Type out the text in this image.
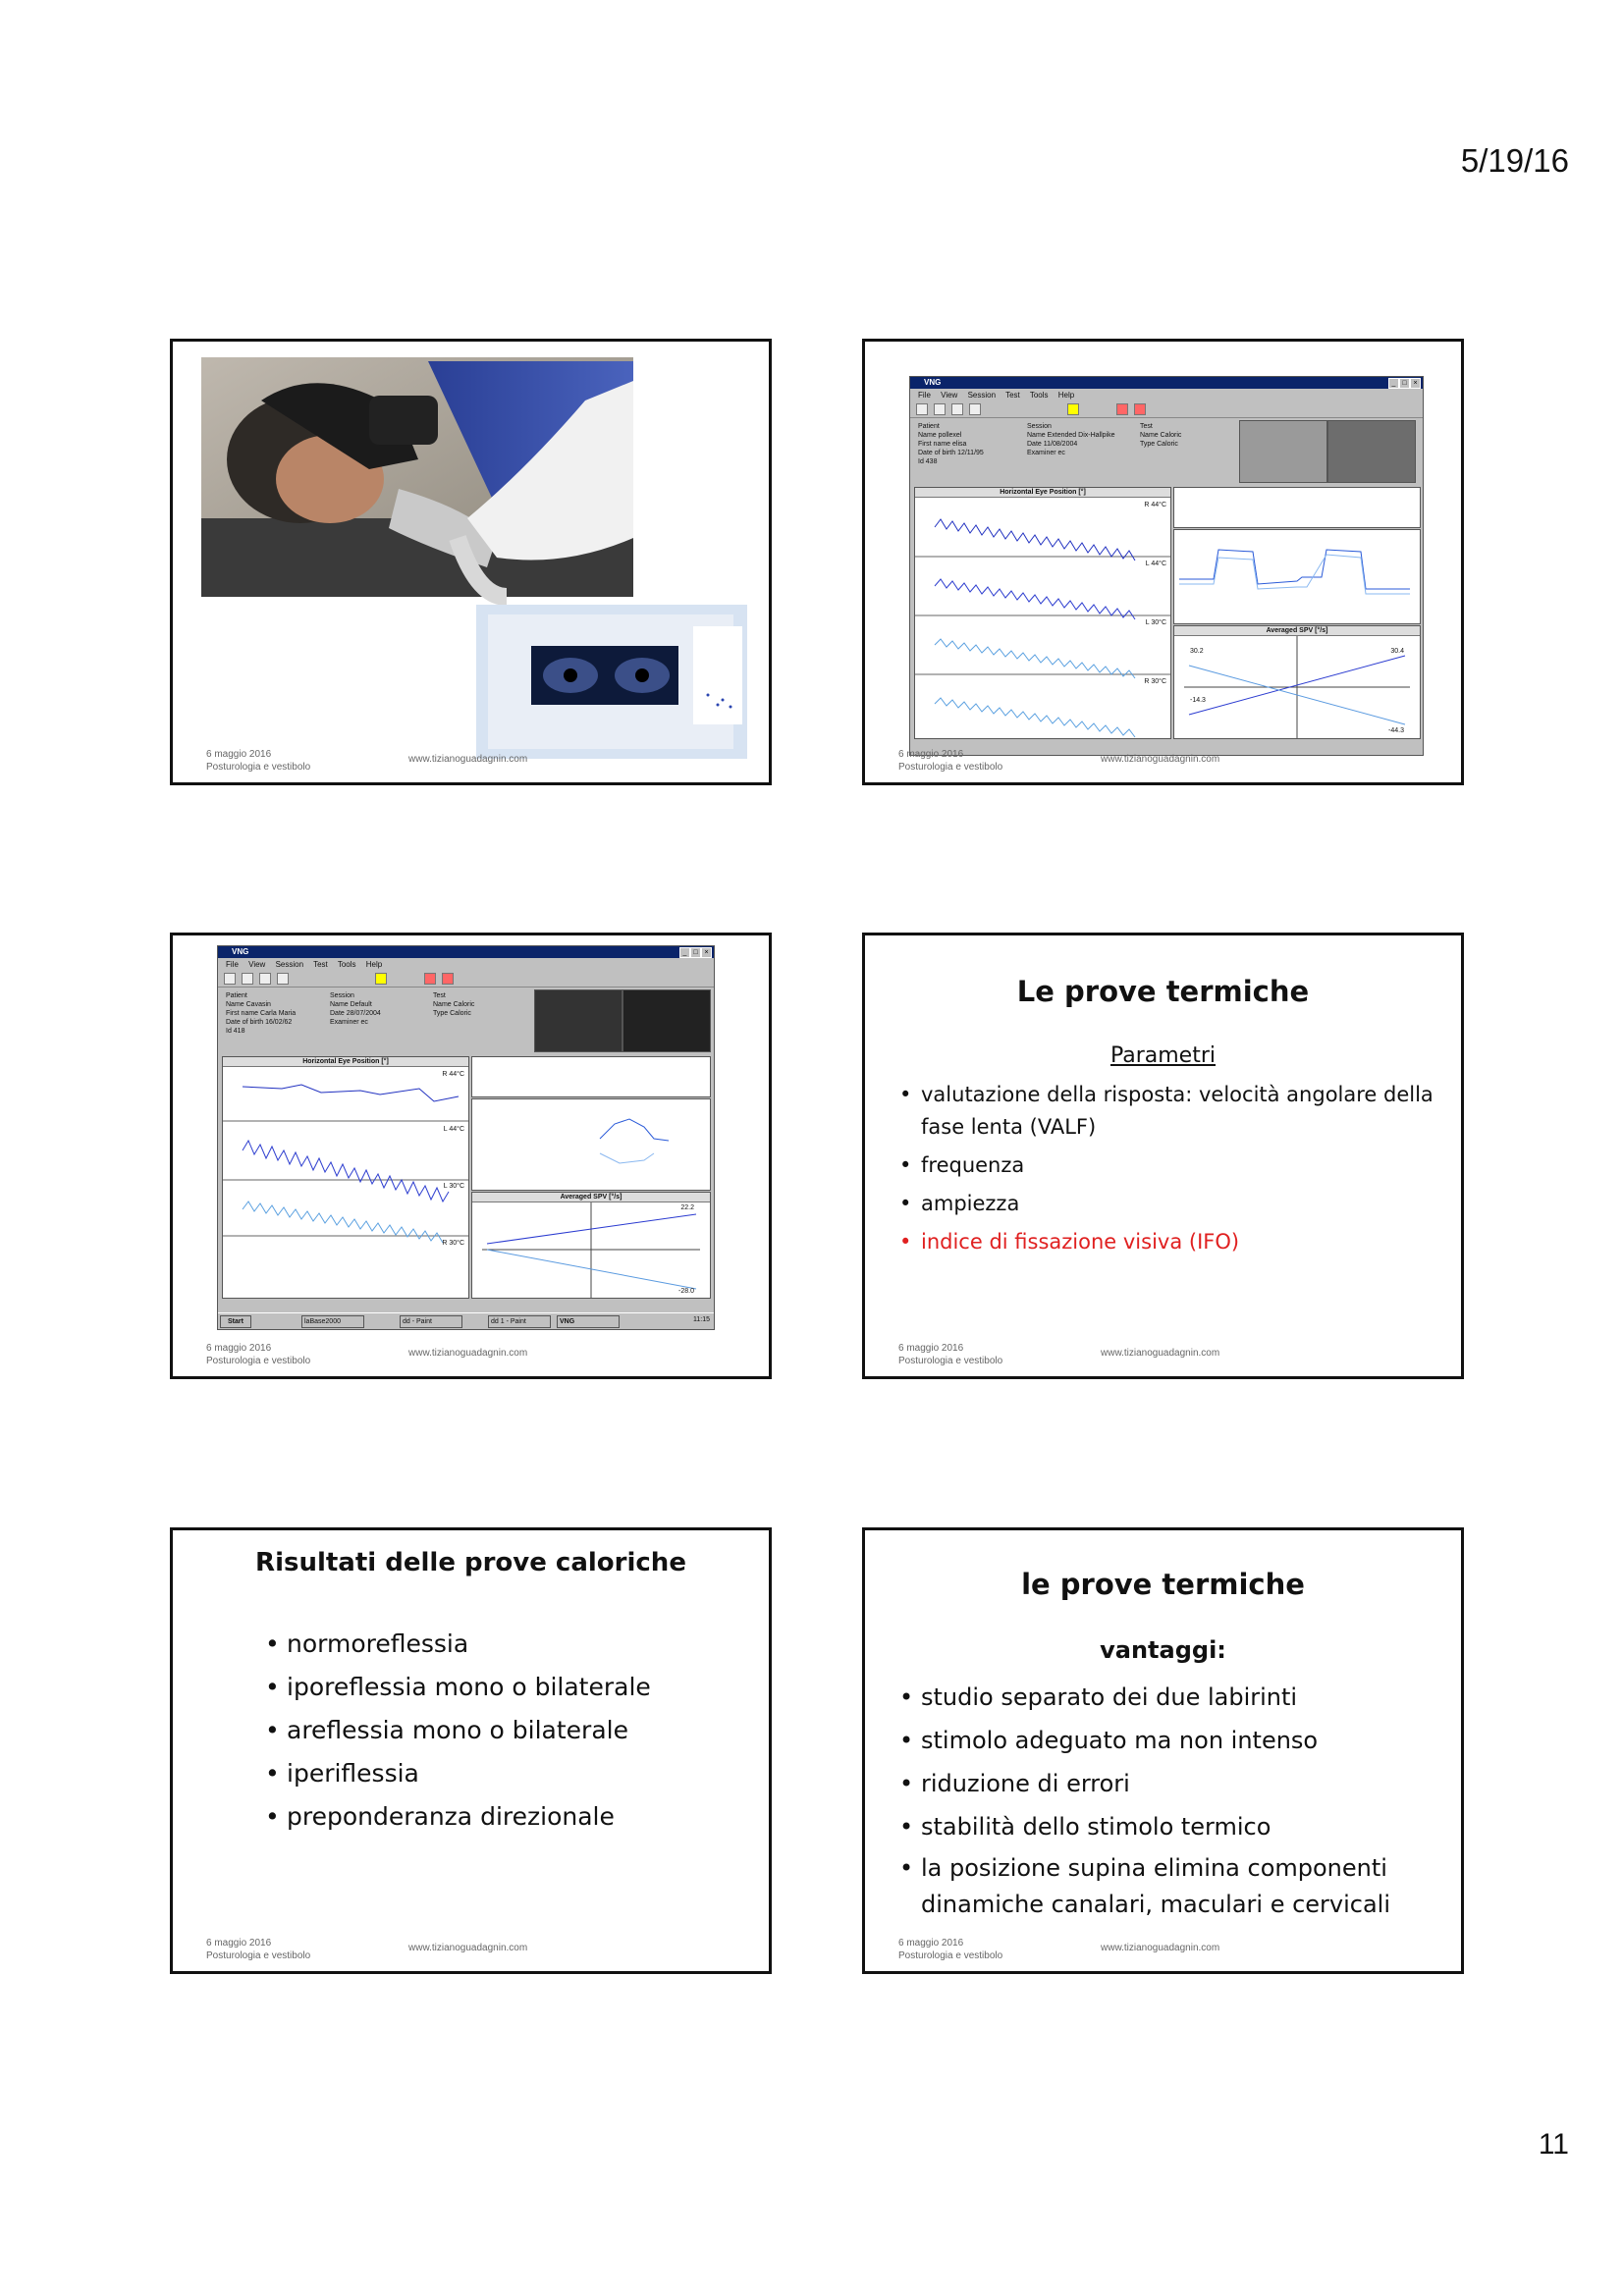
5/19/16
11
6 maggio 2016
Posturologia e vestibolo
www.tizianoguadagnin.com
VNG	_ □ ×
File View Session Test Tools Help
Patient
Name pollexel
First name elisa
Date of birth 12/11/95
Id 438
Session
Name Extended Dix-Hallpike
Date 11/08/2004
Examiner ec
Test
Name Caloric
Type Caloric
Horizontal Eye Position [°]
R 44°C
L 44°C
L 30°C
R 30°C
Averaged SPV [°/s]
30.2	30.4
-14.3
-44.3
6 maggio 2016
Posturologia e vestibolo
www.tizianoguadagnin.com
VNG	_ □ ×
File View Session Test Tools Help
Patient
Name Cavasin
First name Carla Maria
Date of birth 16/02/62
Id 418
Session
Name Default
Date 28/07/2004
Examiner ec
Test
Name Caloric
Type Caloric
Horizontal Eye Position [°]
R 44°C
L 44°C
L 30°C
R 30°C
Averaged SPV [°/s]
22.2
-28.0
Start	laBase2000	dd - Paint	dd 1 - Paint	VNG	11:15
6 maggio 2016
Posturologia e vestibolo
www.tizianoguadagnin.com
Le prove termiche
Parametri
• valutazione della risposta: velocità angolare della fase lenta (VALF)
• frequenza
• ampiezza
• indice di fissazione visiva (IFO)
6 maggio 2016
Posturologia e vestibolo
www.tizianoguadagnin.com
Risultati delle prove caloriche
• normoreflessia
• iporeflessia mono o bilaterale
• areflessia mono o bilaterale
• iperiflessia
• preponderanza direzionale
6 maggio 2016
Posturologia e vestibolo
www.tizianoguadagnin.com
le prove termiche
vantaggi:
• studio separato dei due labirinti
• stimolo adeguato ma non intenso
• riduzione di errori
• stabilità dello stimolo termico
• la posizione supina elimina componenti dinamiche canalari, maculari e cervicali
6 maggio 2016
Posturologia e vestibolo
www.tizianoguadagnin.com
